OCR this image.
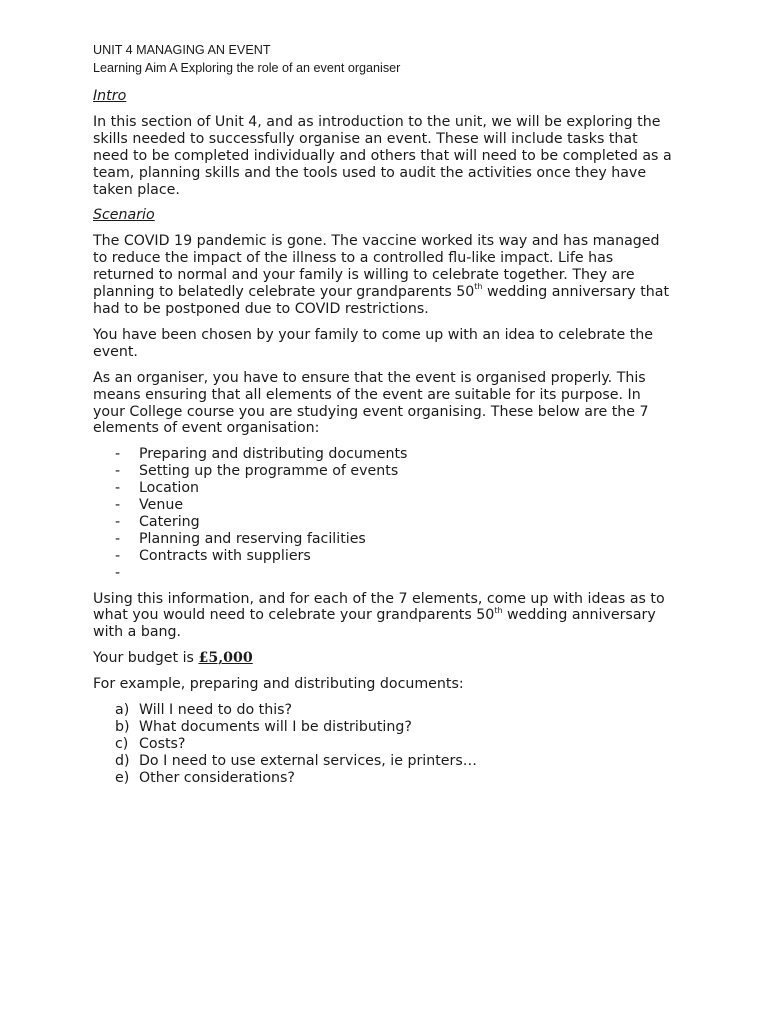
UNIT 4 MANAGING AN EVENT
Learning Aim A Exploring the role of an event organiser

Intro

In this section of Unit 4, and as introduction to the unit, we will be exploring the skills needed to successfully organise an event. These will include tasks that need to be completed individually and others that will need to be completed as a team, planning skills and the tools used to audit the activities once they have taken place.

Scenario

The COVID 19 pandemic is gone. The vaccine worked its way and has managed to reduce the impact of the illness to a controlled flu-like impact. Life has returned to normal and your family is willing to celebrate together. They are planning to belatedly celebrate your grandparents 50th wedding anniversary that had to be postponed due to COVID restrictions.

You have been chosen by your family to come up with an idea to celebrate the event.

As an organiser, you have to ensure that the event is organised properly. This means ensuring that all elements of the event are suitable for its purpose. In your College course you are studying event organising. These below are the 7 elements of event organisation:

- Preparing and distributing documents
- Setting up the programme of events
- Location
- Venue
- Catering
- Planning and reserving facilities
- Contracts with suppliers
-

Using this information, and for each of the 7 elements, come up with ideas as to what you would need to celebrate your grandparents 50th wedding anniversary with a bang.

Your budget is £5,000

For example, preparing and distributing documents:

a) Will I need to do this?
b) What documents will I be distributing?
c) Costs?
d) Do I need to use external services, ie printers…
e) Other considerations?
